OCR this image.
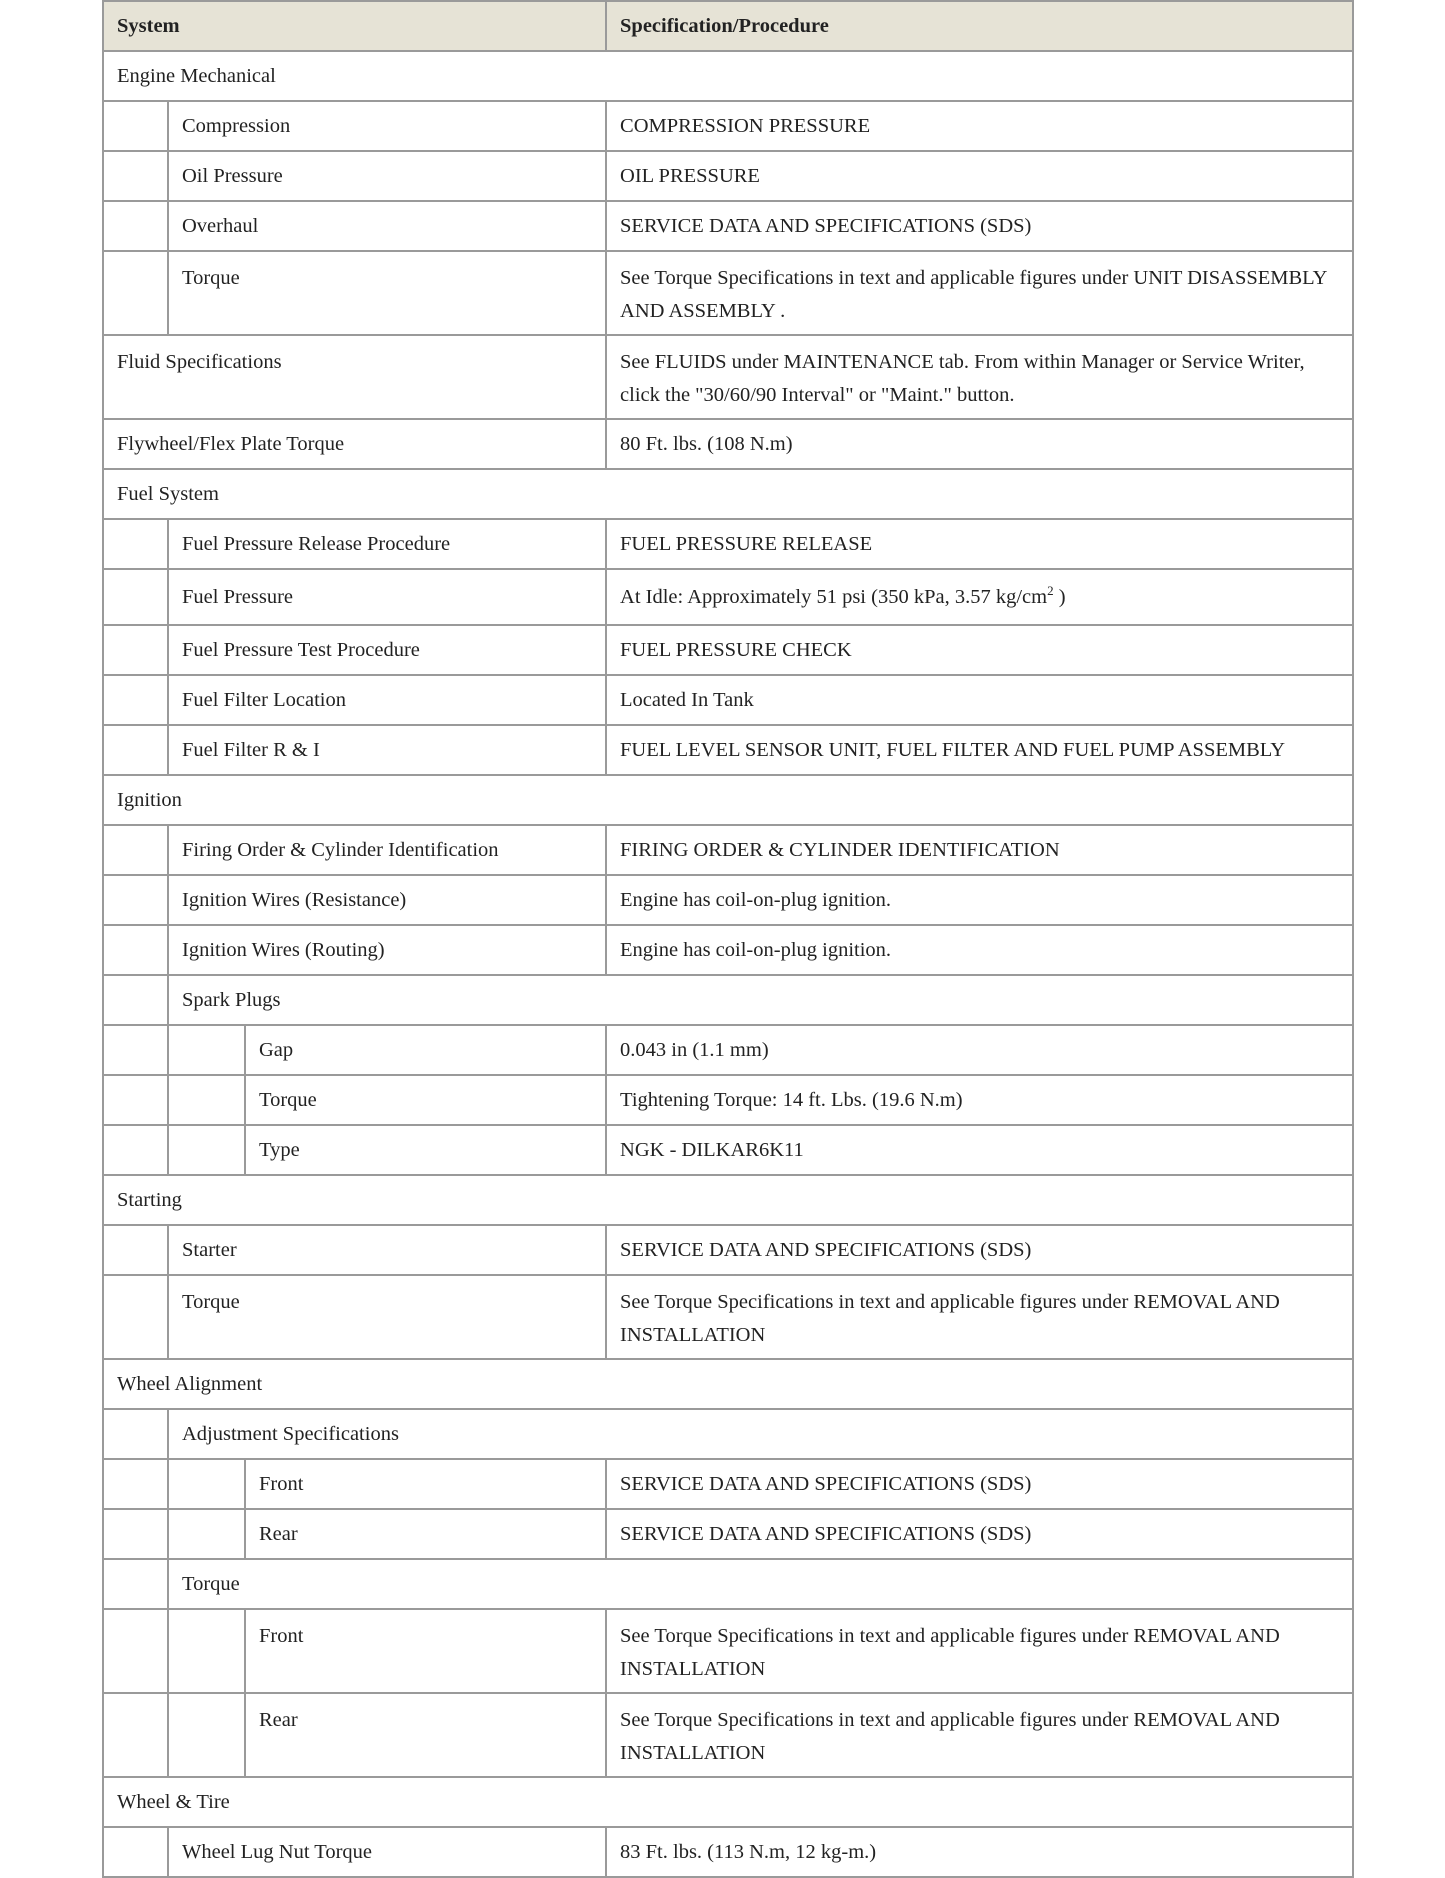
System			Specification/Procedure
Engine Mechanical			
	Compression		COMPRESSION PRESSURE
	Oil Pressure		OIL PRESSURE
	Overhaul		SERVICE DATA AND SPECIFICATIONS (SDS)
	Torque		See Torque Specifications in text and applicable figures under UNIT DISASSEMBLY AND ASSEMBLY .
Fluid Specifications			See FLUIDS under MAINTENANCE tab. From within Manager or Service Writer, click the "30/60/90 Interval" or "Maint." button.
Flywheel/Flex Plate Torque			80 Ft. lbs. (108 N.m)
Fuel System			
	Fuel Pressure Release Procedure		FUEL PRESSURE RELEASE
	Fuel Pressure		At Idle: Approximately 51 psi (350 kPa, 3.57 $kg/cm^2$ )
	Fuel Pressure Test Procedure		FUEL PRESSURE CHECK
	Fuel Filter Location		Located In Tank
	Fuel Filter R & I		FUEL LEVEL SENSOR UNIT, FUEL FILTER AND FUEL PUMP ASSEMBLY
Ignition			
	Firing Order & Cylinder Identification		FIRING ORDER & CYLINDER IDENTIFICATION
	Ignition Wires (Resistance)		Engine has coil-on-plug ignition.
	Ignition Wires (Routing)		Engine has coil-on-plug ignition.
	Spark Plugs		
		Gap	0.043 in (1.1 mm)
		Torque	Tightening Torque: 14 ft. Lbs. (19.6 N.m)
		Type	NGK - DILKAR6K11
Starting			
	Starter		SERVICE DATA AND SPECIFICATIONS (SDS)
	Torque		See Torque Specifications in text and applicable figures under REMOVAL AND INSTALLATION
Wheel Alignment			
	Adjustment Specifications		
		Front	SERVICE DATA AND SPECIFICATIONS (SDS)
		Rear	SERVICE DATA AND SPECIFICATIONS (SDS)
	Torque		
		Front	See Torque Specifications in text and applicable figures under REMOVAL AND INSTALLATION
		Rear	See Torque Specifications in text and applicable figures under REMOVAL AND INSTALLATION
Wheel & Tire			
	Wheel Lug Nut Torque		83 Ft. lbs. (113 N.m, 12 kg-m.)
